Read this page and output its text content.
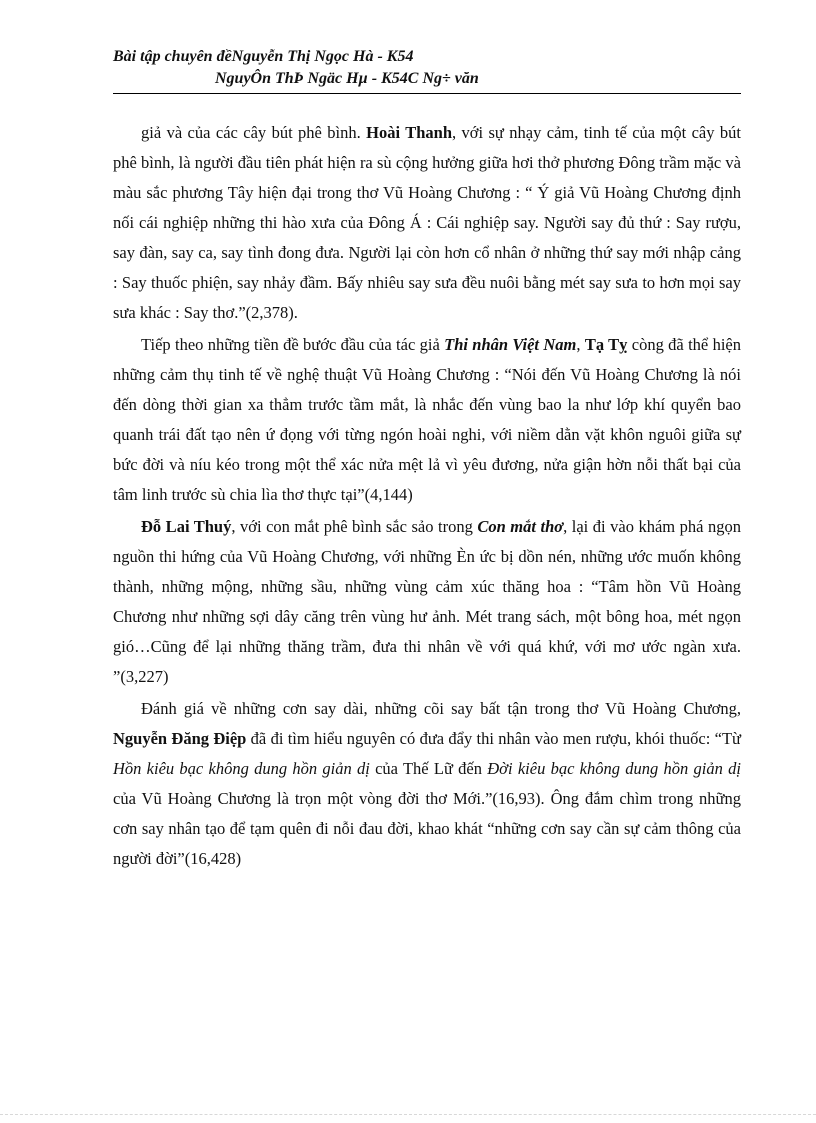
Bài tập chuyên đềNguyễn Thị Ngọc Hà - K54
NguyÔn ThÞ Ngäc Hµ - K54C Ng÷ văn

giả và của các cây bút phê bình. Hoài Thanh, với sự nhạy cảm, tinh tế của một cây bút phê bình, là người đầu tiên phát hiện ra sù cộng hưởng giữa hơi thở phương Đông trầm mặc và màu sắc phương Tây hiện đại trong thơ Vũ Hoàng Chương : “ Ý giả Vũ Hoàng Chương định nối cái nghiệp những thi hào xưa của Đông Á : Cái nghiệp say. Người say đủ thứ : Say rượu, say đàn, say ca, say tình đong đưa. Người lại còn hơn cổ nhân ở những thứ say mới nhập cảng : Say thuốc phiện, say nhảy đầm. Bấy nhiêu say sưa đều nuôi bằng mét say sưa to hơn mọi say sưa khác : Say thơ.”(2,378).

Tiếp theo những tiền đề bước đầu của tác giả Thi nhân Việt Nam, Tạ Tỵ còng đã thể hiện những cảm thụ tinh tế về nghệ thuật Vũ Hoàng Chương : “Nói đến Vũ Hoàng Chương là nói đến dòng thời gian xa thẳm trước tầm mắt, là nhắc đến vùng bao la như lớp khí quyển bao quanh trái đất tạo nên ứ đọng với từng ngón hoài nghi, với niềm dằn vặt khôn nguôi giữa sự bức đời và níu kéo trong một thể xác nửa mệt lả vì yêu đương, nửa giận hờn nỗi thất bại của tâm linh trước sù chia lìa thơ thực tại”(4,144)

Đỗ Lai Thuý, với con mắt phê bình sắc sảo trong Con mắt thơ, lại đi vào khám phá ngọn nguồn thi hứng của Vũ Hoàng Chương, với những Èn ức bị dồn nén, những ước muốn không thành, những mộng, những sầu, những vùng cảm xúc thăng hoa : “Tâm hồn Vũ Hoàng Chương như những sợi dây căng trên vùng hư ảnh. Mét trang sách, một bông hoa, mét ngọn gió…Cũng để lại những thăng trầm, đưa thi nhân về với quá khứ, với mơ ước ngàn xưa. ”(3,227)

Đánh giá về những cơn say dài, những cõi say bất tận trong thơ Vũ Hoàng Chương, Nguyễn Đăng Điệp đã đi tìm hiểu nguyên có đưa đẩy thi nhân vào men rượu, khói thuốc: “Từ Hồn kiêu bạc không dung hồn giản dị của Thế Lữ đến Đời kiêu bạc không dung hồn giản dị của Vũ Hoàng Chương là trọn một vòng đời thơ Mới.”(16,93). Ông đắm chìm trong những cơn say nhân tạo để tạm quên đi nỗi đau đời, khao khát “những cơn say cần sự cảm thông của người đời”(16,428)
